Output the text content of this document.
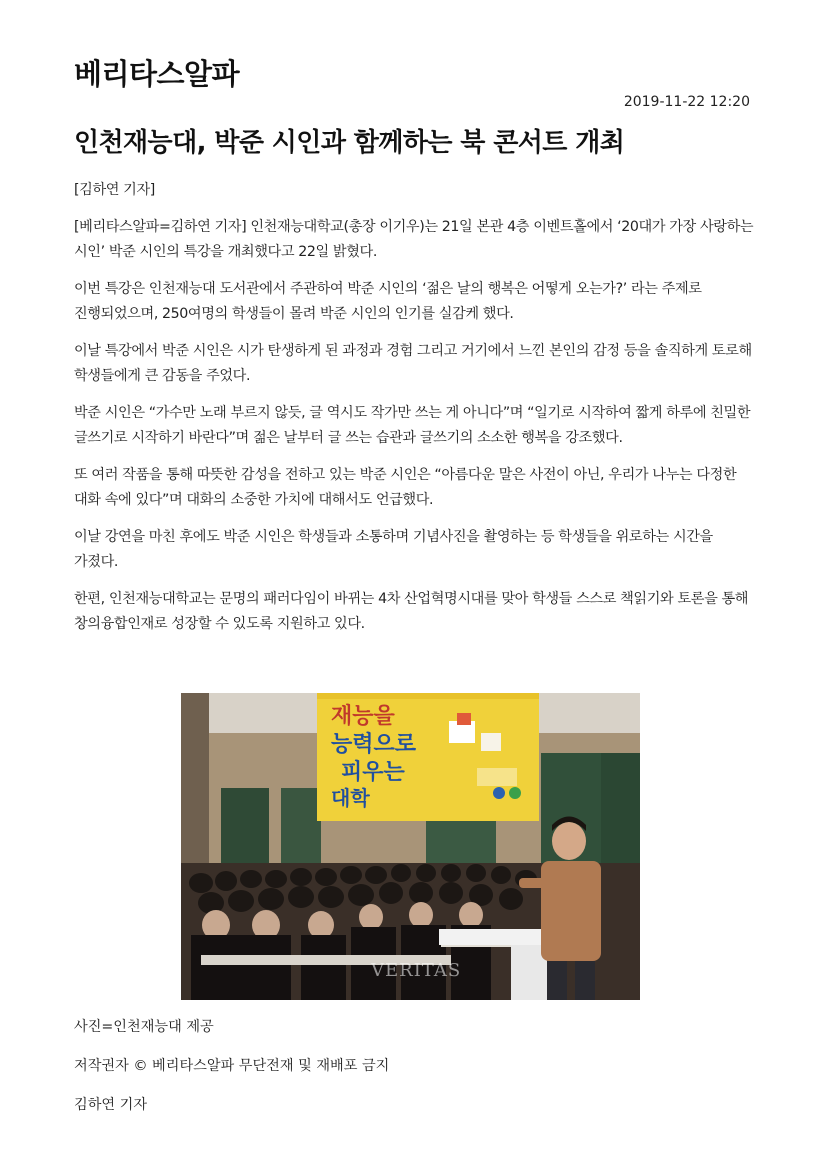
베리타스알파
2019-11-22 12:20
인천재능대, 박준 시인과 함께하는 북 콘서트 개최

[김하연 기자]

[베리타스알파=김하연 기자] 인천재능대학교(총장 이기우)는 21일 본관 4층 이벤트홀에서 ‘20대가 가장 사랑하는 시인’ 박준 시인의 특강을 개최했다고 22일 밝혔다.

이번 특강은 인천재능대 도서관에서 주관하여 박준 시인의 ‘젊은 날의 행복은 어떻게 오는가?’ 라는 주제로 진행되었으며, 250여명의 학생들이 몰려 박준 시인의 인기를 실감케 했다.

이날 특강에서 박준 시인은 시가 탄생하게 된 과정과 경험 그리고 거기에서 느낀 본인의 감정 등을 솔직하게 토로해 학생들에게 큰 감동을 주었다.

박준 시인은 “가수만 노래 부르지 않듯, 글 역시도 작가만 쓰는 게 아니다”며 “일기로 시작하여 짧게 하루에 친밀한 글쓰기로 시작하기 바란다”며 젊은 날부터 글 쓰는 습관과 글쓰기의 소소한 행복을 강조했다.

또 여러 작품을 통해 따뜻한 감성을 전하고 있는 박준 시인은 “아름다운 말은 사전이 아닌, 우리가 나누는 다정한 대화 속에 있다”며 대화의 소중한 가치에 대해서도 언급했다.

이날 강연을 마친 후에도 박준 시인은 학생들과 소통하며 기념사진을 촬영하는 등 학생들을 위로하는 시간을 가졌다.

한편, 인천재능대학교는 문명의 패러다임이 바뀌는 4차 산업혁명시대를 맞아 학생들 스스로 책읽기와 토론을 통해 창의융합인재로 성장할 수 있도록 지원하고 있다.

재능을
능력으로
피우는
대학
VERITAS
사진=인천재능대 제공
저작권자 © 베리타스알파 무단전재 및 재배포 금지
김하연 기자
